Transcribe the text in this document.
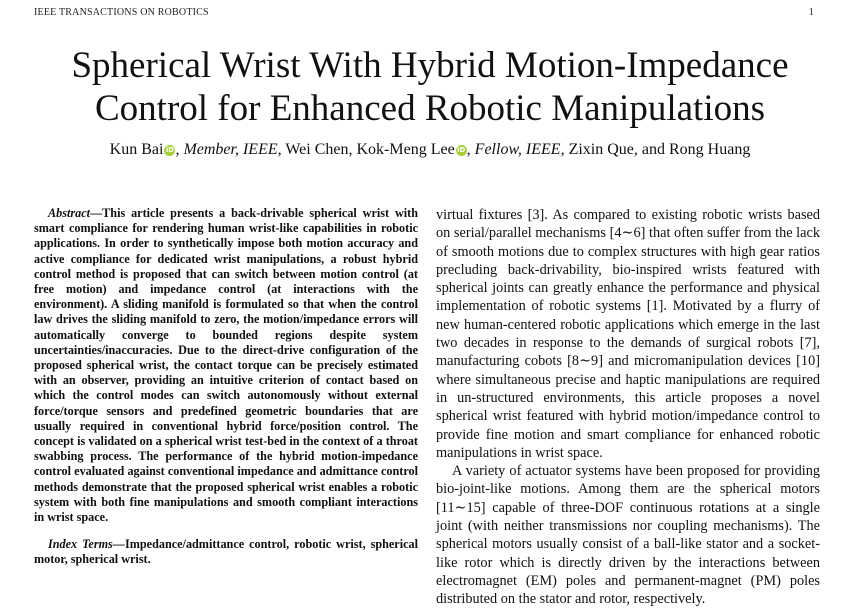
IEEE TRANSACTIONS ON ROBOTICS	1
Spherical Wrist With Hybrid Motion-Impedance
Control for Enhanced Robotic Manipulations
Kun Bai iD, Member, IEEE, Wei Chen, Kok-Meng Lee iD, Fellow, IEEE, Zixin Que, and Rong Huang

Abstract—This article presents a back-drivable spherical wrist with smart compliance for rendering human wrist-like capabilities in robotic applications. In order to synthetically impose both motion accuracy and active compliance for dedicated wrist manipulations, a robust hybrid control method is proposed that can switch between motion control (at free motion) and impedance control (at interactions with the environment). A sliding manifold is formulated so that when the control law drives the sliding manifold to zero, the motion/impedance errors will automatically converge to bounded regions despite system uncertainties/inaccuracies. Due to the direct-drive configuration of the proposed spherical wrist, the contact torque can be precisely estimated with an observer, providing an intuitive criterion of contact based on which the control modes can switch autonomously without external force/torque sensors and predefined geometric boundaries that are usually required in conventional hybrid force/position control. The concept is validated on a spherical wrist test-bed in the context of a throat swabbing process. The performance of the hybrid motion-impedance control evaluated against conventional impedance and admittance control methods demonstrate that the proposed spherical wrist enables a robotic system with both fine manipulations and smooth compliant interactions in wrist space.

Index Terms—Impedance/admittance control, robotic wrist, spherical motor, spherical wrist.

virtual fixtures [3]. As compared to existing robotic wrists based on serial/parallel mechanisms [4∼6] that often suffer from the lack of smooth motions due to complex structures with high gear ratios precluding back-drivability, bio-inspired wrists featured with spherical joints can greatly enhance the performance and physical implementation of robotic systems [1]. Motivated by a flurry of new human-centered robotic applications which emerge in the last two decades in response to the demands of surgical robots [7], manufacturing cobots [8∼9] and micromanipulation devices [10] where simultaneous precise and haptic manipulations are required in un-structured environments, this article proposes a novel spherical wrist featured with hybrid motion/impedance control to provide fine motion and smart compliance for enhanced robotic manipulations in wrist space.

A variety of actuator systems have been proposed for providing bio-joint-like motions. Among them are the spherical motors [11∼15] capable of three-DOF continuous rotations at a single joint (with neither transmissions nor coupling mechanisms). The spherical motors usually consist of a ball-like stator and a socket-like rotor which is directly driven by the interactions between electromagnet (EM) poles and permanent-magnet (PM) poles distributed on the stator and rotor, respectively.
